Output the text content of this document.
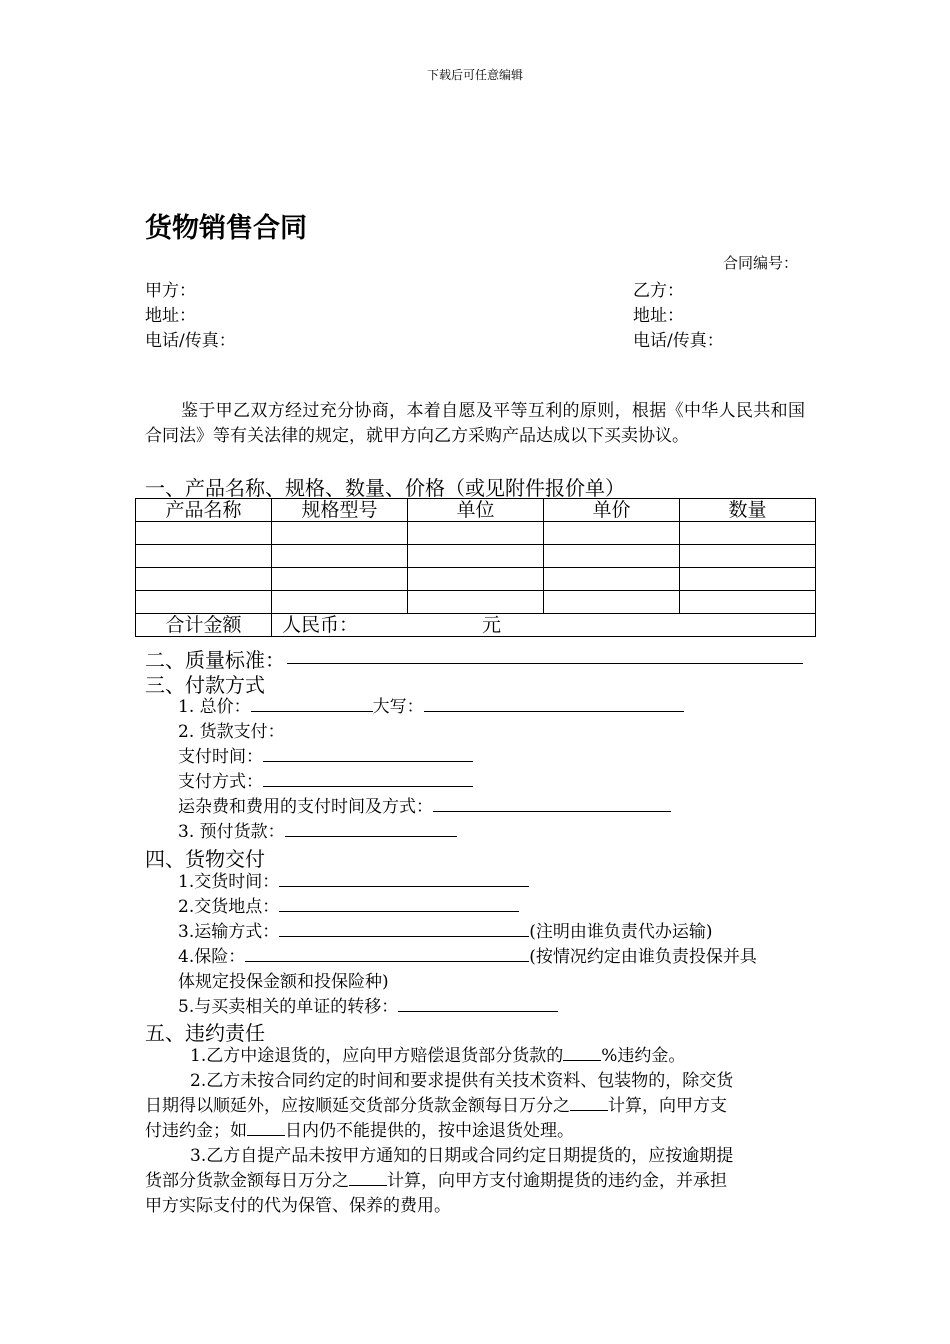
下载后可任意编辑
货物销售合同
合同编号：
甲方：
地址：
电话/传真：
乙方：
地址：
电话/传真：
鉴于甲乙双方经过充分协商，本着自愿及平等互利的原则，根据《中华人民共和国合同法》等有关法律的规定，就甲方向乙方采购产品达成以下买卖协议。
一、产品名称、规格、数量、价格（或见附件报价单）
产品名称	规格型号	单位	单价	数量

合计金额	人民币： 元			
二、质量标准：
三、付款方式
1. 总价：	大写：
2. 货款支付：
支付时间：
支付方式：
运杂费和费用的支付时间及方式：
3. 预付货款：
四、货物交付
1.交货时间：
2.交货地点：
3.运输方式：	(注明由谁负责代办运输)
4.保险：	(按情况约定由谁负责投保并具
体规定投保金额和投保险种)
5.与买卖相关的单证的转移：
五、违约责任
1.乙方中途退货的，应向甲方赔偿退货部分货款的 %违约金。
2.乙方未按合同约定的时间和要求提供有关技术资料、包装物的，除交货
日期得以顺延外，应按顺延交货部分货款金额每日万分之 计算，向甲方支
付违约金；如 日内仍不能提供的，按中途退货处理。
3.乙方自提产品未按甲方通知的日期或合同约定日期提货的，应按逾期提
货部分货款金额每日万分之 计算，向甲方支付逾期提货的违约金，并承担
甲方实际支付的代为保管、保养的费用。
